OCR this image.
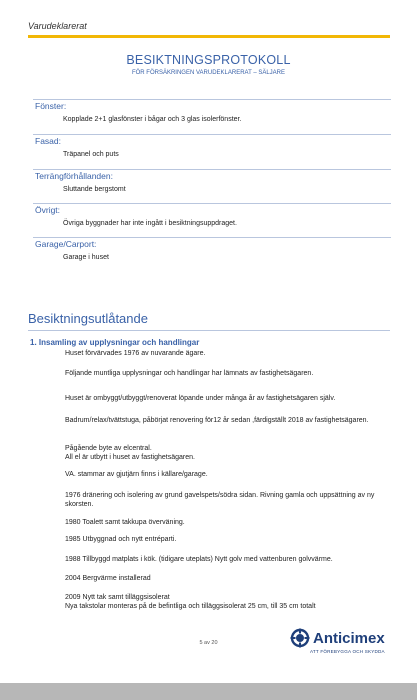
Varudeklarerat
BESIKTNINGSPROTOKOLL
FÖR FÖRSÄKRINGEN VARUDEKLARERAT – SÄLJARE
Fönster:
Kopplade 2+1 glasfönster i bågar och 3 glas isolerfönster.
Fasad:
Träpanel och puts
Terrängförhållanden:
Sluttande bergstomt
Övrigt:
Övriga byggnader har inte ingått i besiktningsuppdraget.
Garage/Carport:
Garage i huset
Besiktningsutlåtande
1. Insamling av upplysningar och handlingar
Huset förvärvades 1976 av nuvarande ägare.
Följande muntliga upplysningar och handlingar har lämnats av fastighetsägaren.
Huset är ombyggt/utbyggt/renoverat löpande under många år av fastighetsägaren själv.
Badrum/relax/tvättstuga, påbörjat renovering för12 år sedan ,färdigställt 2018 av fastighetsägaren.
Pågående byte av elcentral.
All el är utbytt i huset av fastighetsägaren.
VA. stammar av gjutjärn finns i källare/garage.
1976 dränering och isolering av grund gavelspets/södra sidan. Rivning gamla och uppsättning av ny skorsten.
1980 Toalett samt takkupa överväning.
1985 Utbyggnad och nytt entréparti.
1988 Tillbyggd matplats i kök. (tidigare uteplats) Nytt golv med vattenburen golvvärme.
2004 Bergvärme installerad
2009 Nytt tak samt tilläggsisolerat
Nya takstolar monteras på de befintliga och tilläggsisolerat 25 cm, till 35 cm totalt
5 av 20	Anticimex
ATT FÖREBYGGA OCH SKYDDA
